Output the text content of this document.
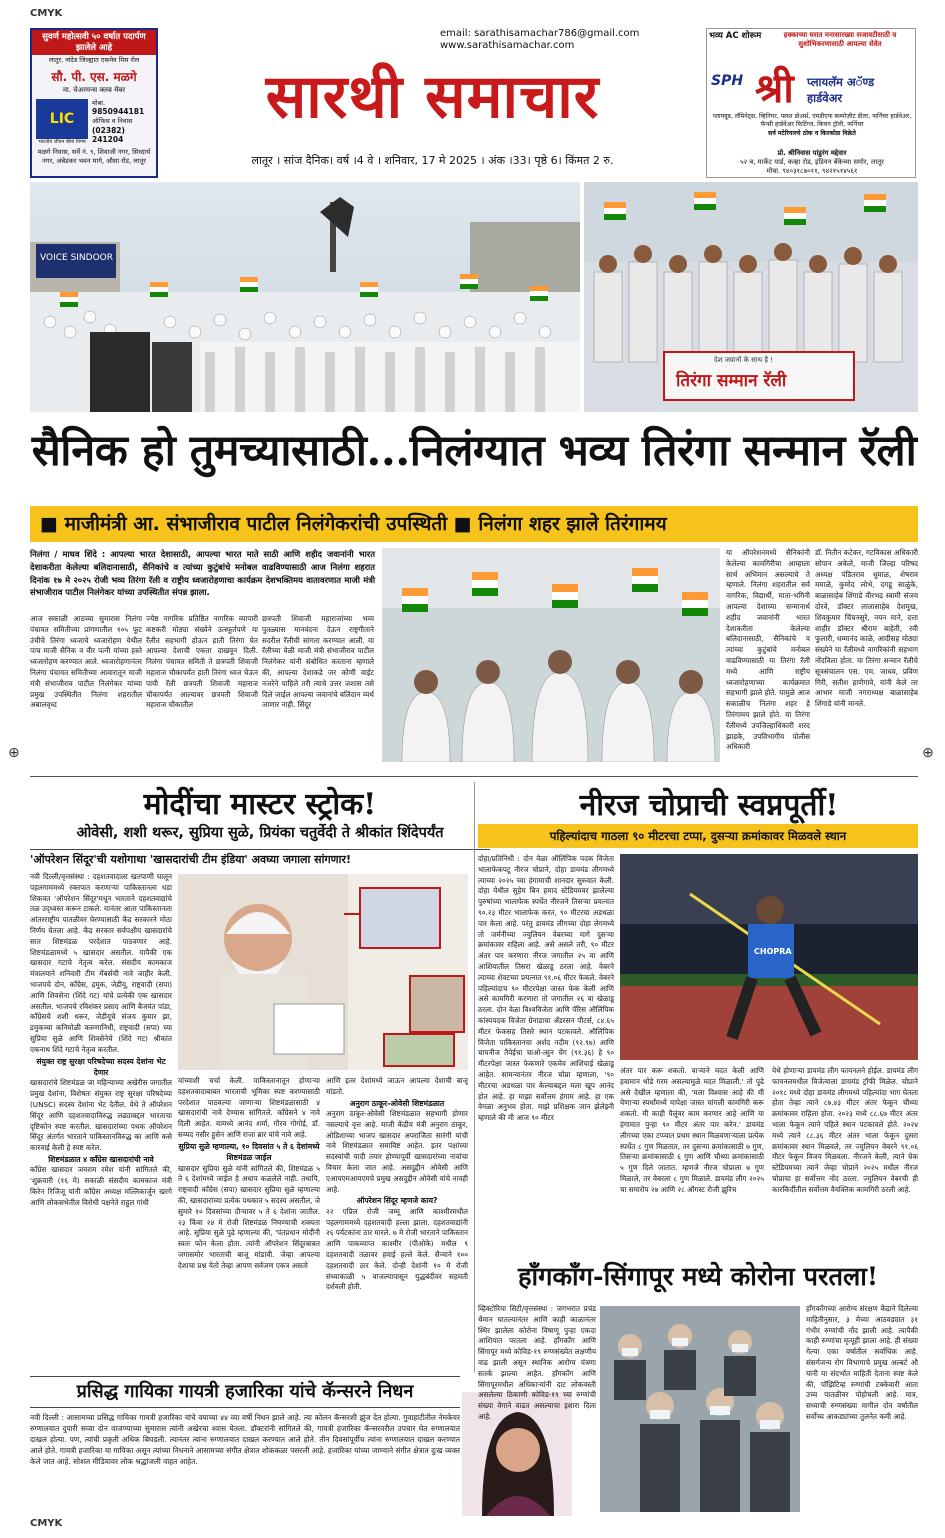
CMYK
CMYK
⊕	⊕
सुवर्ण महोत्सवी ५० वर्षात पदार्पण झालेले आहे
लातूर, नांदेड जिल्ह्यात एकमेव मिस रोल
सौ. पी. एस. मळगे
मा. चेअरमन्स क्लब मेंबर
LIC
भारतीय जीवन बीमा निगम
मोबा.
9850944181
ऑफिस व निवास
(02382) 241204
मळगे निवास, सर्वे नं. ९, शिवाजी नगर, सिध्दार्थ नगर, अंबेडकर भवन मागे, औसा रोड, लातूर
email: sarathisamachar786@gmail.com
www.sarathisamachar.com
सारथी समाचार
लातूर । सांज दैनिक। वर्ष ।4 वे । शनिवार, 17 मे 2025 । अंक ।33। पृष्ठे 6। किंमत 2 रु.
भव्य AC शोरूम	हक्काच्या घरात मनासारख्या सजावटीसाठी व सुशोभिकरणासाठी आपल्या सेवेत
SPH श्री प्लायलॅम अॅण्ड
हार्डवेअर
प्लायवूड, लॅमिनेट्स, व्हिनियर, फ्लश डोअर्स, एमडीएफ कम्पोज़ीट डीला, फर्निचर हार्डवेअर, फॅन्सी हार्डवेअर फिटिंग्ज, किचन ट्रॉली, फर्निचर
सर्व मटेरियलचे ठोक व किरकोळ विक्रेते
प्रो. श्रीनिवास पांडुरंग मद्देवार
५२ ब, मार्केट यार्ड, कव्हा रोड, इंडियन बँकेच्या समोर, लातूर
मोबा. ९४०३१८७०११, ९४२१५१४५६१
VOICE SINDOOR
देश जवानों के साथ है !
तिरंगा सम्मान रॅली
सैनिक हो तुमच्यासाठी...निलंग्यात भव्य तिरंगा सन्मान रॅली
■ माजीमंत्री आ. संभाजीराव पाटील निलंगेकरांची उपस्थिती ■ निलंगा शहर झाले तिरंगामय
निलंगा / माधव शिंदे : आपल्या भारत देशासाठी, आपल्या भारत माते साठी आणि शहीद जवानांनी भारत देशाकरीता केलेल्या बलिदानासाठी, सैनिकांचे व त्यांच्या कुटुंबांचे मनोबल वाढविण्यासाठी आज निलंगा शहरात दिनांक १७ मे २०२५ रोजी भव्य तिरंगा रॅली व राष्ट्रीय ध्वजारोहणाचा कार्यक्रम देशभक्तिमय वातावरणात माजी मंत्री संभाजीराव पाटील निलंगेकर यांच्या उपस्थितीत संपन्न झाला.
आज सकाळी आठच्या सुमारास निलंगा पंचायत समितीच्या प्रांगणातील १०५ फूट उंचीचे तिरंगा ध्वजाचे ध्वजारोहण येथील पाच माजी सैनिक व वीर पत्नी यांच्या हस्ते ध्वजारोहण करण्यात आले. ध्वजारोहणानंतर निलंगा पंचायत समितीच्या आवारातून माजी मंत्री संभाजीराव पाटील निलंगेकर यांच्या प्रमुख उपस्थितीत निलंगा शहरातील अबालवृध्द
ज्येष्ठ नागरिक प्रतिष्ठित नागरिक व्यापारी कष्टकरी मोठ्या संख्येने उत्स्फूर्तपणे या रॅलीत सहभागी होऊन हाती तिरंगा घेत आपल्या देशाची एकता दाखवून दिली. निलंगा पंचायत समिती ते छत्रपती शिवाजी महाराज चौकापर्यंत हाती तिरंगा ध्वज घेऊन पायी रॅली छत्रपती शिवाजी महाराज चौकापर्यंत आल्यावर छत्रपती शिवाजी महाराज चौकातील
छत्रपती शिवाजी महाराजांच्या भव्य पुतळ्यास मानवंदना देऊन राष्ट्रगीताने सदरील रॅलीची सांगता करण्यात आली. या रॅलीच्या वेळी माजी मंत्री संभाजीराव पाटील निलंगेकर यांनी संबोधित करताना म्हणाले की, आपल्या देशाकडे जर कोणी वाईट नजरेने पाहिले तरी त्याचे उत्तर जशास तसे दिले जाईल आपल्या जवानांचे बलिदान व्यर्थ जाणार नाही. सिंदूर
या ऑपरेशनमध्ये सैनिकांनी केलेल्या कामगिरीचा आम्हाला सार्थ अभिमान असल्याचे ते म्हणाले. निलंगा शहरातील सर्व नागरिक, विद्यार्थी, माता-भगिनी आपल्या देशाच्या सन्मानार्थ शहीद जवानांनी भारत देशाकरीता केलेल्या बलिदानासाठी, सैनिकांचे व त्यांच्या कुटुंबांचे मनोबल वाढविण्यासाठी या तिरंगा रॅली मध्ये आणि राष्ट्रीय ध्वजारोहणाच्या कार्यक्रमात सहभागी झाले होते. यामुळे आज सकाळीच निलंगा शहर हे तिरंगामय झाले होते. या तिरंगा रॅलीमध्ये उपजिल्हाधिकारी शरद झाडके, उपविभागीय पोलीस अधिकारी
डॉ. नितीन कटेकर, गटविकास अधिकारी सोपान अकेले, माजी जिल्हा परिषद अध्यक्ष पंडितराव धुमाळ, शेषराव ममाळे, कुमोद लोभे, दगडू साळुंके, बाळासाहेब शिंगाडे वीरभद्र स्वामी संजय दोरवे, डॉक्टर लालासाहेब देशमुख, शिवकुमार चिंचनसुरे, नयन माने, दत्ता शाहीर डॉक्टर श्रीराम बाहेती, रवी फुलारी, धम्मानंद काळे, आदीसह मोठ्या संख्येने या रॅलीमध्ये नागरिकांनी सहभाग नोंदविला होता. या तिरंगा सन्मान रॅलीचे सूत्रसंचालन एस. एम. जाधव, प्रविण गिरी, सतीश हाणेगावे, यांनी केले तर आभार माजी नगराध्यक्ष बाळासाहेब शिंगाडे यांनी मानले.
मोदींचा मास्टर स्ट्रोक!
ओवेसी, शशी थरूर, सुप्रिया सुळे, प्रियंका चतुर्वेदी ते श्रीकांत शिंदेपर्यंत
'ऑपरेशन सिंदूर'ची यशोगाथा 'खासदारांची टीम इंडिया' अवघ्या जगाला सांगणार!
नवी दिल्ली/वृत्तसंस्था : दहशतवादाला खतपाणी घालून पहलगाममध्ये रक्तपात करणाऱ्या पाकिस्तानला धडा शिकवत 'ऑपरेशन सिंदूर'मधून भारताने दहशतवाद्यांचे तळ उद्ध्वस्त करून टाकले. यानंतर आता पाकिस्तानला आंतरराष्ट्रीय पातळीवर घेरण्यासाठी केंद्र सरकारने मोठा निर्णय घेतला आहे. केंद्र सरकार सर्वपक्षीय खासदारांचे सात शिष्टमंडळ परदेशात पाठवणार आहे. शिष्टमंडळामध्ये ५ खासदार असतील. यापैकी एक खासदार गटाचे नेतृत्व करेल. संसदीय कामकाज मंत्रालयाने शनिवारी टीम मेंबर्सची नावे जाहीर केली. भाजपचे दोन, काँग्रेस, द्रमुक, जेडीयू, राष्ट्रवादी (सपा) आणि शिवसेना (शिंदे गट) यांचे प्रत्येकी एक खासदार असतील. भाजपचे रविशंकर प्रसाद आणि बैजयंत पांडा, काँग्रेसचे शशी थरूर, जेडीयूचे संजय कुमार झा, द्रमुकच्या कनिमोळी करुणानिधी, राष्ट्रवादी (सपा) च्या सुप्रिया सुळे आणि शिवसेनेचे (शिंदे गट) श्रीकांत एकनाथ शिंदे गटाचे नेतृत्व करतील.
संयुक्त राष्ट्र सुरक्षा परिषदेच्या सदस्य देशांना भेट देणार
खासदारांचे शिष्टमंडळ जा महिन्याच्या अखेरीस जगातील प्रमुख देशांना, विशेषतः संयुक्त राष्ट्र सुरक्षा परिषदेच्या (UNSC) सदस्य देशांना भेट देतील. येथे ते ऑपरेशन सिंदूर आणि दहशतवादाविरुद्ध लढ्याबद्दल भारताचा दृष्टिकोन स्पष्ट करतील. खासदारांच्या पथक ऑपरेशन सिंदूर अंतर्गत भारताने पाकिस्तानविरुद्ध का आणि कसे कारवाई केली हे स्पष्ट करेल.
शिष्टमंडळात ४ काँग्रेस खासदारांची नावे
काँग्रेस खासदार जयराम रमेश यांनी सांगितले की, 'शुक्रवारी (१६ मे) सकाळी संसदीय कामकाज मंत्री किरेन रिजिजू यांनी काँग्रेस अध्यक्ष मल्लिकार्जुन खरगे आणि लोकसभेतील विरोधी पक्षनेते राहुल गांधी
यांच्याशी चर्चा केली. पाकिस्तानातून होणाऱ्या दहशतवादाबाबत भारताची भूमिका स्पष्ट करण्यासाठी परदेशात पाठवल्या जाणाऱ्या शिष्टमंडळासाठी ४ खासदारांची नावे देण्यास सांगितले. काँग्रेसने ४ नावे दिली आहेत. यामध्ये आनंद शर्मा, गौरव गोगोई, डॉ. सय्यद नसीर हुसेन आणि राजा ब्रार यांचे नावे आहे.
सुप्रिया सुळे म्हणाल्या, १० दिवसांत ५ ते ६ देशांमध्ये शिष्टमंडळ जाईल
खासदार सुप्रिया सुळे यांनी सांगितले की, शिष्टमंडळ ५ ते ६ देशांमध्ये जाईल हे अधाप कळलेले नाही. तथापि, राष्ट्रवादी काँग्रेस (सपा) खासदार सुप्रिया सुळे म्हणाल्या की, खासदारांच्या प्रत्येक पथकात ५ सदस्य असतील, जे सुमारे १० दिवसांच्या दौऱ्यावर ५ ते ६ देशांना जातील. २३ किंवा २४ मे रोजी शिष्टमंडळ निघण्याची शक्यता आहे. सुप्रिया सुळे पुढे म्हणाल्या की, 'पंतप्रधान मोदींनी स्वतः फोन केला होता. त्यांनी ऑपरेशन सिंदूरबाबत जगासमोर भारताची बाजू मांडावी. जेव्हा आपल्या देशाचा प्रश्न येतो तेव्हा आपण सर्वजण एकत्र असतो
आणि इतर देशांमध्ये जाऊन आपल्या देशाची बाजू मांडतो.
अनुराग ठाकूर-ओवेसी शिष्टमंडळात
अनुराग ठाकूर-ओवेसी शिष्टमंडळात सहभागी होणार नसल्याचे वृत्त आहे. माजी केंद्रीय मंत्री अनुराग ठाकूर, ओडिशाच्या भाजप खासदार अपराजिता सारंगी यांची नावे शिष्टमंडळात समाविष्ट आहेत. इतर पक्षांच्या सदस्यांची यादी तयार होण्यापूर्वी खासदारांच्या नावांचा विचार केला जात आहे. असदुद्दीन ओवेसी आणि एआयएमआयएमचे प्रमुख असदुद्दीन ओवेसी यांचे नावही आहे.
ऑपरेशन सिंदूर म्हणजे काय?
२२ एप्रिल रोजी जम्मू आणि काश्मीरमधील पहलगाममध्ये दहशतवादी हल्ला झाला. दहशतवाद्यांनी २६ पर्यटकांना ठार मारले. ७ मे रोजी भारताने पाकिस्तान आणि पाकव्याप्त काश्मीर (पीओके) मधील ९ दहशतवादी तळावर हवाई हल्ले केले. सैन्याने १०० दहशतवादी ठार केले. दोन्ही देशांनी १० मे रोजी संध्याकाळी ५ वाजल्यापासून युद्धबंदीवर सहमती दर्शवली होती.
प्रसिद्ध गायिका गायत्री हजारिका यांचे कॅन्सरने निधन
नवी दिल्ली : आसामच्या प्रसिद्ध गायिका गायत्री हजारिका यांचे वयाच्या ४४ व्या वर्षी निधन झाले आहे. त्या कोलन कॅन्सरशी झुंज देत होत्या. गुवाहाटीतील नेमकेयर रुग्णालयात दुपारी सव्वा दोन वाजण्याच्या सुमारास त्यांनी अखेरचा श्वास घेतला. डॉक्टरांनी सांगितले की, गायत्री हजारिका कॅन्सरवरील उपचार घेत रुग्णालयात दाखल होत्या. पण, त्यांची प्रकृती अधिक बिघडली. त्यानंतर त्यांना रुग्णालयात दाखल करण्यात आले होते. तीन दिवसांपूर्वीच त्यांना रुग्णालयात दाखल करण्यात आले होते. गायत्री हजारिका या गायिका असून त्यांच्या निधनाने आसामच्या संगीत क्षेत्रात शोककळा पसरली आहे. हजारिका यांच्या जाण्याने संगीत क्षेत्रात दुःख व्यक्त केले जात आहे. सोशल मीडियावर लोक श्रद्धांजली वाहत आहेत.
नीरज चोप्राची स्वप्नपूर्ती!
पहिल्यांदाच गाठला ९० मीटरचा टप्पा, दुसऱ्या क्रमांकावर मिळवले स्थान
दोहा/प्रतिनिधी : दोन वेळा ऑलिंपिक पदक विजेता भालाफेकपटू नीरज चोप्राने, दोहा डायमंड लीगमध्ये त्याच्या २०२५ च्या हंगामाची शानदार सुरुवात केली. दोहा येथील सुहेम बिन हमाद स्टेडियमवर झालेल्या पुरुषांच्या भालाफेक स्पर्धेत नीरजने तिसऱ्या प्रयत्नात ९०.२३ मीटर भालाफेक करत, ९० मीटरचा अडथळा पार केला आहे. परंतु डायमंड लीगच्या दोहा लेगमध्ये तो जर्मनीच्या ज्युलियन वेबरच्या मागे दुसऱ्या क्रमांकावर राहिला आहे. असे असले तरी, ९० मीटर अंतर पार करणारा नीरज जगातील २५ वा आणि आशियातील तिसरा खेळाडू ठरला आहे. वेबरने त्याच्या शेवटच्या प्रयत्नात ९१.०६ मीटर फेकले. वेबरने पहिल्यांदाच ९० मीटरपेक्षा जास्त फेक केली आणि असे कामगिरी करणारा तो जगातील २६ वा खेळाडू ठरला. दोन वेळा विश्वविजेता आणि पॅरिस ऑलिंपिक कांस्यपदक विजेता ग्रेनाडाचा अँडरसन पीटर्स, ८४.६५ मीटर फेकसह तिसरे स्थान पटकावले. ऑलिंपिक विजेता पाकिस्तानचा अर्शद नदीम (९२.९७) आणि चायनीज तैपेईचा चाओ-त्सुन चेंग (९१.३६) हे ९० मीटरपेक्षा जास्त फेकणारे एकमेव आशियाई खेळाडू आहेत. सामन्यानंतर नीरज चोप्रा म्हणाला, '९० मीटरचा अडथळा पार केल्याबद्दल मला खूप आनंद होत आहे. हा माझा सर्वोत्तम हंगाम आहे. हा एक वेगळा अनुभव होता. माझे प्रशिक्षक जान झेलेझ्नी म्हणाले की मी आज ९० मीटर
CHOPRA
अंतर पार करू शकतो. वाऱ्याने मदत केली आणि हवामान थोडे गरम असल्यामुळे मदत मिळाली.' तो पुढे असे देखील म्हणाला की, 'मला विश्वास आहे की मी येणाऱ्या स्पर्धांमध्ये यापेक्षा जास्त चांगली कामगिरी करू शकतो. मी काही पैलूंवर काम करणार आहे आणि या हंगामात पुन्हा ९० मीटर अंतर पार करेन.' डायमंड लीगच्या एका टप्प्यात प्रथम स्थान मिळवणाऱ्याला प्रत्येक स्पर्धेत ८ गुण मिळतात, तर दुसऱ्या क्रमांकासाठी ७ गुण, तिसऱ्या क्रमांकासाठी ६ गुण आणि चौथ्या क्रमांकासाठी ५ गुण दिले जातात. म्हणजे नीरज चोप्राला ७ गुण मिळाले, तर वेबरला ८ गुण मिळाले. डायमंड लीग २०२५ चा समारोप २७ आणि २८ ऑगस्ट रोजी झुरिच
येथे होणाऱ्या डायमंड लीग फायनलने होईल. डायमंड लीग फायनलमधील विजेत्याला डायमंड ट्रॉफी मिळेल. चोप्राने २०१८ मध्ये दोहा डायमंड लीगमध्ये पहिल्यांदा भाग घेतला होता तेव्हा त्याने ८७.४३ मीटर अंतर फेकून चौथ्या क्रमांकावर राहिला होता. २०२३ मध्ये ८८.६७ मीटर अंतर भाला फेकून त्याने पहिले स्थान पटकावले होते. २०२४ मध्ये त्याने ८८.३६ मीटर अंतर भाला फेकून दुसरा क्रमांकावर स्थान मिळवले, तर ज्युलियन वेबरने ९१.०६ मीटर फेकून विजय मिळवला. नीरजने केली, त्याने चेक स्टेडियमच्या त्याने जेव्हा चोप्राने २०२५ मधील नीरज चोप्राचा हा सर्वोत्तम नोंद ठरला. ज्युलियन वेबरची ही कारकिर्दीतील सर्वोत्तम वैयक्तिक कामगिरी ठरली आहे.
हाँगकाँग-सिंगापूर मध्ये कोरोना परतला!
व्हिक्टोरिया सिटी/वृत्तसंस्था : जगभरात प्रचंड थैमान घातल्यानंतर आणि काही काळानंतर स्थिर झालेला कोरोना विषाणू पुन्हा एकदा आशियात परतला आहे. हाँगकाँग आणि सिंगापूर मध्ये कोविड-१९ रुग्णसंख्येत लक्षणीय वाढ झाली असून स्थानिक आरोग्य यंत्रणा सतर्क झाल्या आहेत. हाँगकाँग आणि सिंगापूरमधील अधिकाऱ्यांनी दाट लोकवस्ती असलेल्या ठिकाणी कोविड-१९ च्या रुग्णांची संख्या वेगाने वाढत असल्याचा इशारा दिला आहे.
हाँगकाँगच्या आरोग्य संरक्षण केंद्राने दिलेल्या माहितीनुसार, ३ मेच्या आठवड्यात ३१ गंभीर रुग्णांची नोंद झाली आहे. त्यापैकी काही रुग्णांचा मृत्यूही झाला आहे. ही संख्या गेल्या एका वर्षातील सर्वाधिक आहे. संसर्गजन्य रोग विभागाचे प्रमुख अल्बर्ट औ यांनी या संदर्भात माहिती देताना स्पष्ट केले की, पॉझिटिव्ह रुग्णांची टक्केवारी आता उच्च पातळीवर पोहोचली आहे. मात्र, सध्याची रुग्णसंख्या मागील दोन वर्षांतील सर्वोच्च आकड्यांच्या तुलनेत कमी आहे.
